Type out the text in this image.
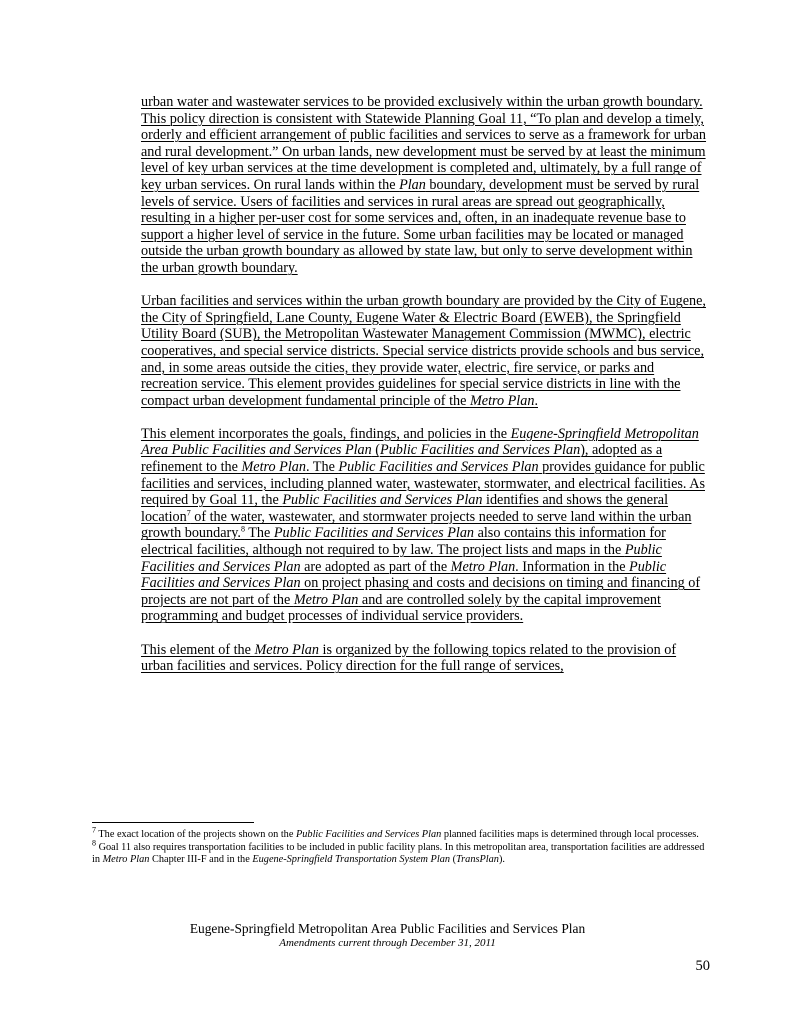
urban water and wastewater services to be provided exclusively within the urban growth boundary. This policy direction is consistent with Statewide Planning Goal 11, “To plan and develop a timely, orderly and efficient arrangement of public facilities and services to serve as a framework for urban and rural development.” On urban lands, new development must be served by at least the minimum level of key urban services at the time development is completed and, ultimately, by a full range of key urban services. On rural lands within the Plan boundary, development must be served by rural levels of service. Users of facilities and services in rural areas are spread out geographically, resulting in a higher per-user cost for some services and, often, in an inadequate revenue base to support a higher level of service in the future. Some urban facilities may be located or managed outside the urban growth boundary as allowed by state law, but only to serve development within the urban growth boundary.

Urban facilities and services within the urban growth boundary are provided by the City of Eugene, the City of Springfield, Lane County, Eugene Water & Electric Board (EWEB), the Springfield Utility Board (SUB), the Metropolitan Wastewater Management Commission (MWMC), electric cooperatives, and special service districts. Special service districts provide schools and bus service, and, in some areas outside the cities, they provide water, electric, fire service, or parks and recreation service. This element provides guidelines for special service districts in line with the compact urban development fundamental principle of the Metro Plan.

This element incorporates the goals, findings, and policies in the Eugene-Springfield Metropolitan Area Public Facilities and Services Plan (Public Facilities and Services Plan), adopted as a refinement to the Metro Plan. The Public Facilities and Services Plan provides guidance for public facilities and services, including planned water, wastewater, stormwater, and electrical facilities. As required by Goal 11, the Public Facilities and Services Plan identifies and shows the general location$^7$ of the water, wastewater, and stormwater projects needed to serve land within the urban growth boundary.$^8$ The Public Facilities and Services Plan also contains this information for electrical facilities, although not required to by law. The project lists and maps in the Public Facilities and Services Plan are adopted as part of the Metro Plan. Information in the Public Facilities and Services Plan on project phasing and costs and decisions on timing and financing of projects are not part of the Metro Plan and are controlled solely by the capital improvement programming and budget processes of individual service providers.

This element of the Metro Plan is organized by the following topics related to the provision of urban facilities and services. Policy direction for the full range of services,

$^7$ The exact location of the projects shown on the Public Facilities and Services Plan planned facilities maps is determined through local processes.

$^8$ Goal 11 also requires transportation facilities to be included in public facility plans. In this metropolitan area, transportation facilities are addressed in Metro Plan Chapter III-F and in the Eugene-Springfield Transportation System Plan (TransPlan).

Eugene-Springfield Metropolitan Area Public Facilities and Services Plan
Amendments current through December 31, 2011
50
